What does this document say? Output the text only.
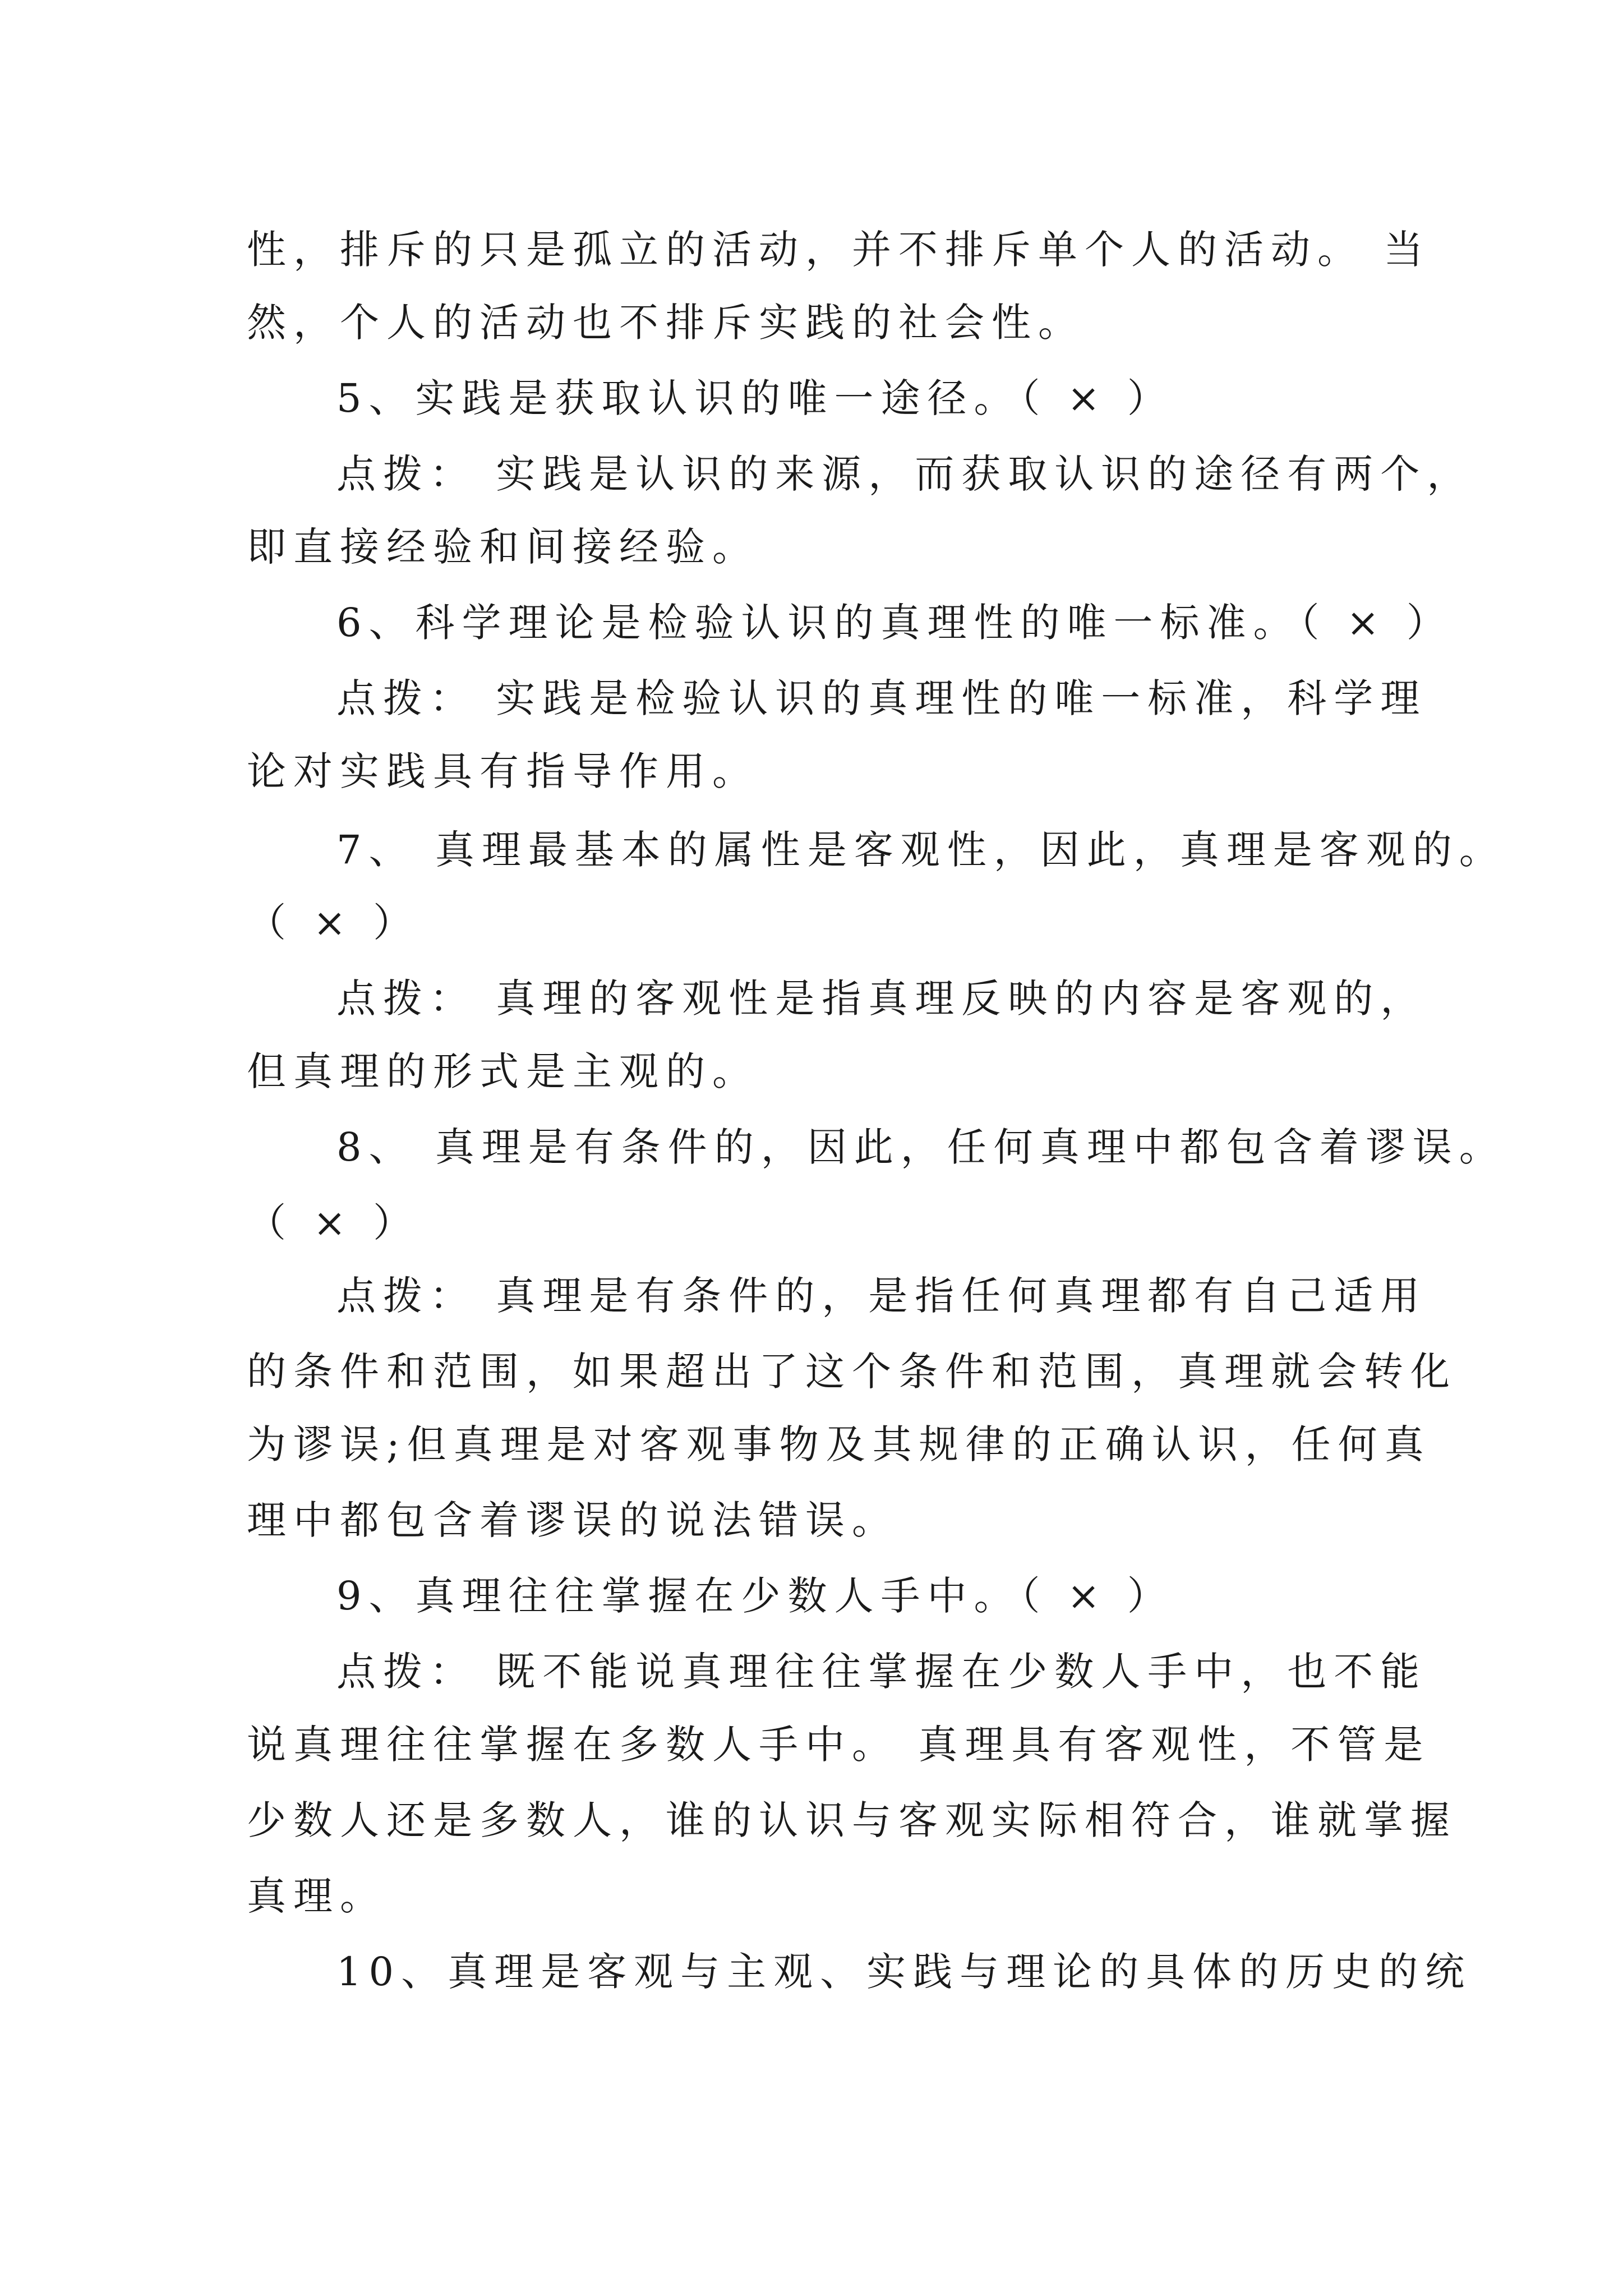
性，排斥的只是孤立的活动，并不排斥单个人的活动。 当
然，个人的活动也不排斥实践的社会性。
5、实践是获取认识的唯一途径。（ × ）
点拨： 实践是认识的来源，而获取认识的途径有两个，
即直接经验和间接经验。
6、科学理论是检验认识的真理性的唯一标准。（ × ）
点拨： 实践是检验认识的真理性的唯一标准，科学理
论对实践具有指导作用。
7、 真理最基本的属性是客观性，因此，真理是客观的。
（ × ）
点拨： 真理的客观性是指真理反映的内容是客观的，
但真理的形式是主观的。
8、 真理是有条件的，因此，任何真理中都包含着谬误。
（ × ）
点拨： 真理是有条件的，是指任何真理都有自己适用
的条件和范围，如果超出了这个条件和范围，真理就会转化
为谬误;但真理是对客观事物及其规律的正确认识，任何真
理中都包含着谬误的说法错误。
9、真理往往掌握在少数人手中。（ × ）
点拨： 既不能说真理往往掌握在少数人手中，也不能
说真理往往掌握在多数人手中。 真理具有客观性，不管是
少数人还是多数人，谁的认识与客观实际相符合，谁就掌握
真理。
10、真理是客观与主观、实践与理论的具体的历史的统
